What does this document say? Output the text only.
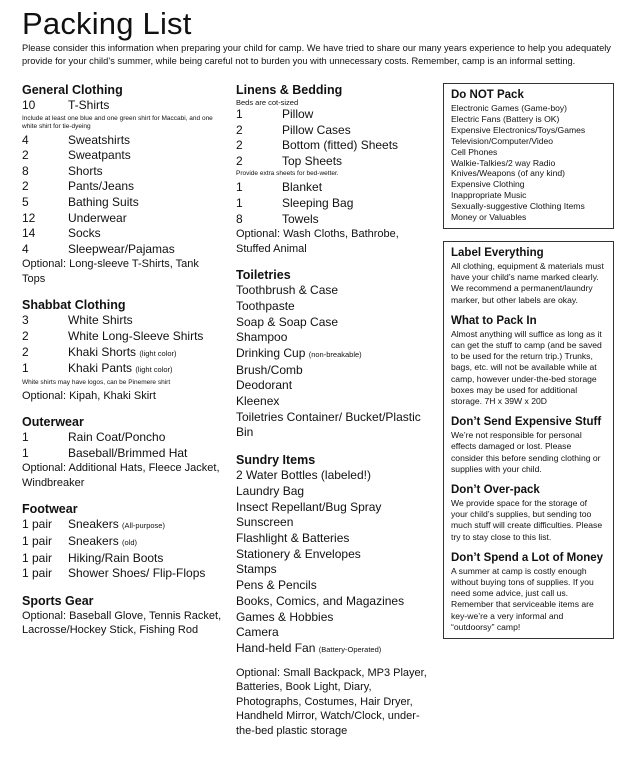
Packing List
Please consider this information when preparing your child for camp. We have tried to share our many years experience to help you adequately provide for your child’s summer, while being careful not to burden you with unnecessary costs. Remember, camp is an informal setting.
General Clothing
10	T-Shirts
Include at least one blue and one green shirt for Maccabi, and one white shirt for tie-dyeing
4	Sweatshirts
2	Sweatpants
8	Shorts
2	Pants/Jeans
5	Bathing Suits
12	Underwear
14	Socks
4	Sleepwear/Pajamas
Optional: Long-sleeve T-Shirts, Tank Tops
Shabbat Clothing
3	White Shirts
2	White Long-Sleeve Shirts
2	Khaki Shorts (light color)
1	Khaki Pants (light color)
White shirts may have logos, can be Pinemere shirt
Optional: Kipah, Khaki Skirt
Outerwear
1	Rain Coat/Poncho
1	Baseball/Brimmed Hat
Optional: Additional Hats, Fleece Jacket, Windbreaker
Footwear
1 pair	Sneakers (All-purpose)
1 pair	Sneakers (old)
1 pair	Hiking/Rain Boots
1 pair	Shower Shoes/ Flip-Flops
Sports Gear
Optional: Baseball Glove, Tennis Racket, Lacrosse/Hockey Stick, Fishing Rod
Linens & Bedding
Beds are cot-sized
1	Pillow
2	Pillow Cases
2	Bottom (fitted) Sheets
2	Top Sheets
Provide extra sheets for bed-wetter.
1	Blanket
1	Sleeping Bag
8	Towels
Optional: Wash Cloths, Bathrobe, Stuffed Animal
Toiletries
Toothbrush & Case
Toothpaste
Soap & Soap Case
Shampoo
Drinking Cup (non-breakable)
Brush/Comb
Deodorant
Kleenex
Toiletries Container/ Bucket/Plastic Bin
Sundry Items
2 Water Bottles (labeled!)
Laundry Bag
Insect Repellant/Bug Spray
Sunscreen
Flashlight & Batteries
Stationery & Envelopes
Stamps
Pens & Pencils
Books, Comics, and Magazines
Games & Hobbies
Camera
Hand-held Fan (Battery-Operated)
Optional: Small Backpack, MP3 Player, Batteries, Book Light, Diary, Photographs, Costumes, Hair Dryer, Handheld Mirror, Watch/Clock, under-the-bed plastic storage
Do NOT Pack
Electronic Games (Game-boy)
Electric Fans (Battery is OK)
Expensive Electronics/Toys/Games
Television/Computer/Video
Cell Phones
Walkie-Talkies/2 way Radio
Knives/Weapons (of any kind)
Expensive Clothing
Inappropriate Music
Sexually-suggestive Clothing Items
Money or Valuables
Label Everything

All clothing, equipment & materials must have your child’s name marked clearly. We recommend a permanent/laundry marker, but other labels are okay.

What to Pack In

Almost anything will suffice as long as it can get the stuff to camp (and be saved to be used for the return trip.) Trunks, bags, etc. will not be available while at camp, however under-the-bed storage boxes may be used for additional storage. 7H x 39W x 20D

Don’t Send Expensive Stuff

We’re not responsible for personal effects damaged or lost. Please consider this before sending clothing or supplies with your child.

Don’t Over-pack

We provide space for the storage of your child’s supplies, but sending too much stuff will create difficulties. Please try to stay close to this list.

Don’t Spend a Lot of Money

A summer at camp is costly enough without buying tons of supplies. If you need some advice, just call us. Remember that serviceable items are key-we’re a very informal and “outdoorsy” camp!
